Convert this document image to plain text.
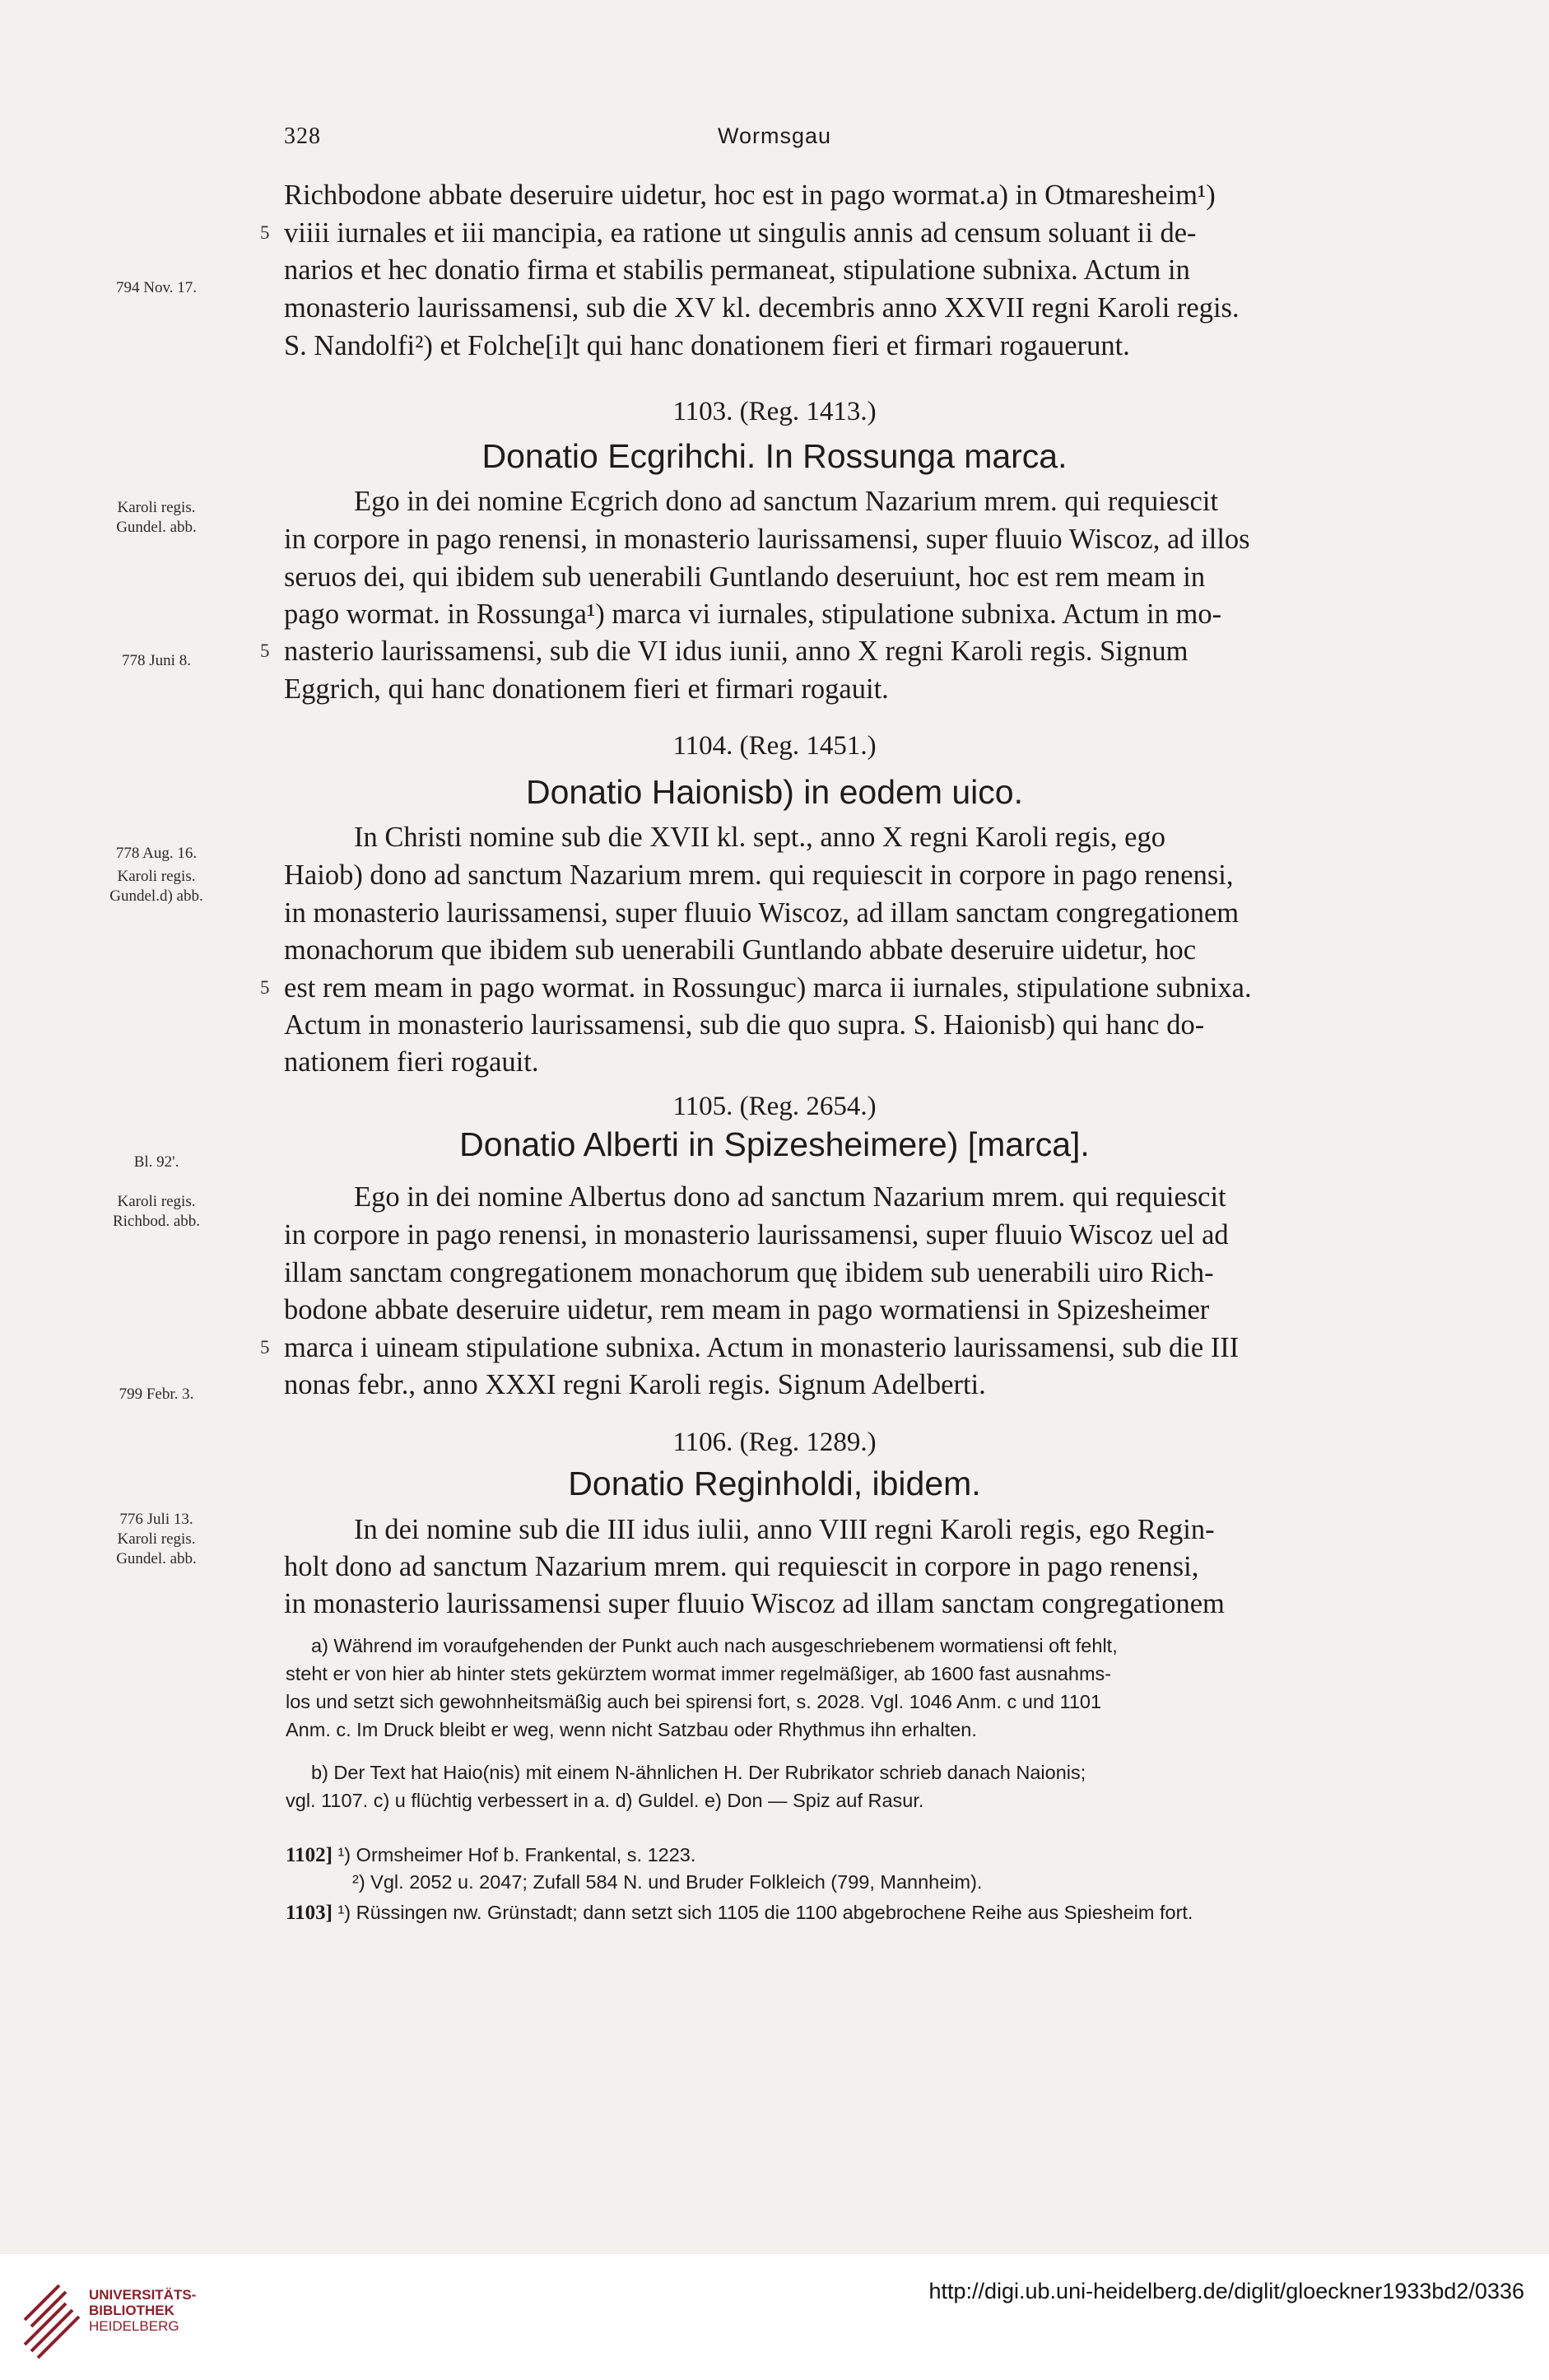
328	Wormsgau
Richbodone abbate deseruire uidetur, hoc est in pago wormat.a) in Otmaresheim¹)
5 viiii iurnales et iii mancipia, ea ratione ut singulis annis ad censum soluant ii de-
narios et hec donatio firma et stabilis permaneat, stipulatione subnixa. Actum in
794 Nov. 17.
monasterio laurissamensi, sub die XV kl. decembris anno XXVII regni Karoli regis.
S. Nandolfi²) et Folche[i]t qui hanc donationem fieri et firmari rogauerunt.
1103. (Reg. 1413.)
Donatio Ecgrihchi. In Rossunga marca.
Karoli regis.
Gundel. abb.
Ego in dei nomine Ecgrich dono ad sanctum Nazarium mrem. qui requiescit
in corpore in pago renensi, in monasterio laurissamensi, super fluuio Wiscoz, ad illos
seruos dei, qui ibidem sub uenerabili Guntlando deseruiunt, hoc est rem meam in
pago wormat. in Rossunga¹) marca vi iurnales, stipulatione subnixa. Actum in mo-
778 Juni 8.	5 nasterio laurissamensi, sub die VI idus iunii, anno X regni Karoli regis. Signum
Eggrich, qui hanc donationem fieri et firmari rogauit.
1104. (Reg. 1451.)
Donatio Haionisb) in eodem uico.
778 Aug. 16.
Karoli regis.
Gundel.d) abb.
In Christi nomine sub die XVII kl. sept., anno X regni Karoli regis, ego
Haiob) dono ad sanctum Nazarium mrem. qui requiescit in corpore in pago renensi,
in monasterio laurissamensi, super fluuio Wiscoz, ad illam sanctam congregationem
monachorum que ibidem sub uenerabili Guntlando abbate deseruire uidetur, hoc
5 est rem meam in pago wormat. in Rossunguc) marca ii iurnales, stipulatione subnixa.
Actum in monasterio laurissamensi, sub die quo supra. S. Haionisb) qui hanc do-
nationem fieri rogauit.
1105. (Reg. 2654.)
Bl. 92'.	Donatio Alberti in Spizesheimere) [marca].
Karoli regis.
Richbod. abb.
Ego in dei nomine Albertus dono ad sanctum Nazarium mrem. qui requiescit
in corpore in pago renensi, in monasterio laurissamensi, super fluuio Wiscoz uel ad
illam sanctam congregationem monachorum quę ibidem sub uenerabili uiro Rich-
bodone abbate deseruire uidetur, rem meam in pago wormatiensi in Spizesheimer
5 marca i uineam stipulatione subnixa. Actum in monasterio laurissamensi, sub die III
799 Febr. 3.	nonas febr., anno XXXI regni Karoli regis. Signum Adelberti.
1106. (Reg. 1289.)
Donatio Reginholdi, ibidem.
776 Juli 13.
Karoli regis.
Gundel. abb.
In dei nomine sub die III idus iulii, anno VIII regni Karoli regis, ego Regin-
holt dono ad sanctum Nazarium mrem. qui requiescit in corpore in pago renensi,
in monasterio laurissamensi super fluuio Wiscoz ad illam sanctam congregationem
a) Während im voraufgehenden der Punkt auch nach ausgeschriebenem wormatiensi oft fehlt,
steht er von hier ab hinter stets gekürztem wormat immer regelmäßiger, ab 1600 fast ausnahms-
los und setzt sich gewohnheitsmäßig auch bei spirensi fort, s. 2028. Vgl. 1046 Anm. c und 1101
Anm. c. Im Druck bleibt er weg, wenn nicht Satzbau oder Rhythmus ihn erhalten.
b) Der Text hat Haio(nis) mit einem N-ähnlichen H. Der Rubrikator schrieb danach Naionis;
vgl. 1107. c) u flüchtig verbessert in a. d) Guldel. e) Don — Spiz auf Rasur.
1102] ¹) Ormsheimer Hof b. Frankental, s. 1223.
²) Vgl. 2052 u. 2047; Zufall 584 N. und Bruder Folkleich (799, Mannheim).
1103] ¹) Rüssingen nw. Grünstadt; dann setzt sich 1105 die 1100 abgebrochene Reihe aus Spiesheim fort.
UNIVERSITÄTS-
BIBLIOTHEK
HEIDELBERG
http://digi.ub.uni-heidelberg.de/diglit/gloeckner1933bd2/0336
